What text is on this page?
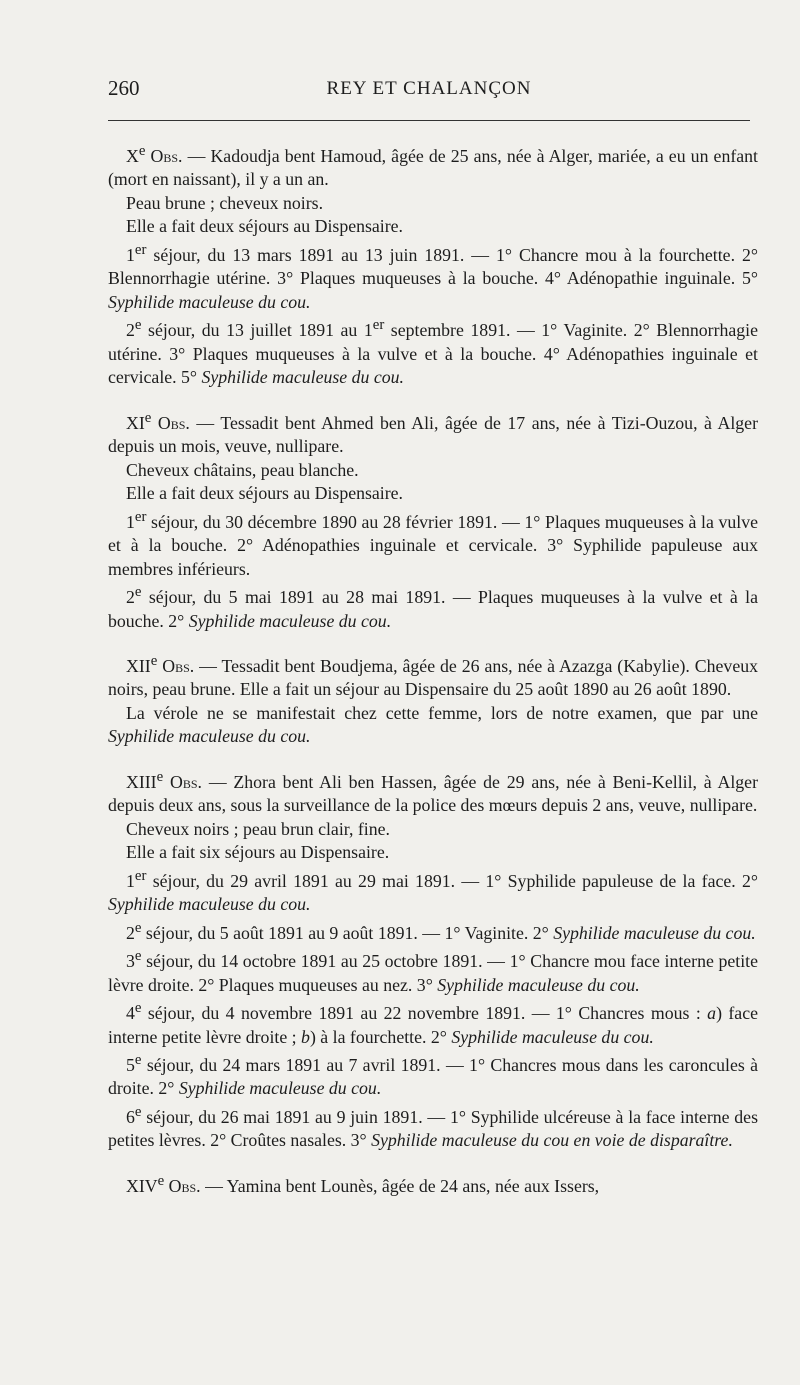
260	REY ET CHALANÇON

Xe Obs. — Kadoudja bent Hamoud, âgée de 25 ans, née à Alger, mariée, a eu un enfant (mort en naissant), il y a un an.

Peau brune ; cheveux noirs.

Elle a fait deux séjours au Dispensaire.

1er séjour, du 13 mars 1891 au 13 juin 1891. — 1° Chancre mou à la fourchette. 2° Blennorrhagie utérine. 3° Plaques muqueuses à la bouche. 4° Adénopathie inguinale. 5° Syphilide maculeuse du cou.

2e séjour, du 13 juillet 1891 au 1er septembre 1891. — 1° Vaginite. 2° Blennorrhagie utérine. 3° Plaques muqueuses à la vulve et à la bouche. 4° Adénopathies inguinale et cervicale. 5° Syphilide maculeuse du cou.

XIe Obs. — Tessadit bent Ahmed ben Ali, âgée de 17 ans, née à Tizi-Ouzou, à Alger depuis un mois, veuve, nullipare.

Cheveux châtains, peau blanche.

Elle a fait deux séjours au Dispensaire.

1er séjour, du 30 décembre 1890 au 28 février 1891. — 1° Plaques muqueuses à la vulve et à la bouche. 2° Adénopathies inguinale et cervicale. 3° Syphilide papuleuse aux membres inférieurs.

2e séjour, du 5 mai 1891 au 28 mai 1891. — Plaques muqueuses à la vulve et à la bouche. 2° Syphilide maculeuse du cou.

XIIe Obs. — Tessadit bent Boudjema, âgée de 26 ans, née à Azazga (Kabylie). Cheveux noirs, peau brune. Elle a fait un séjour au Dispensaire du 25 août 1890 au 26 août 1890.

La vérole ne se manifestait chez cette femme, lors de notre examen, que par une Syphilide maculeuse du cou.

XIIIe Obs. — Zhora bent Ali ben Hassen, âgée de 29 ans, née à Beni-Kellil, à Alger depuis deux ans, sous la surveillance de la police des mœurs depuis 2 ans, veuve, nullipare.

Cheveux noirs ; peau brun clair, fine.

Elle a fait six séjours au Dispensaire.

1er séjour, du 29 avril 1891 au 29 mai 1891. — 1° Syphilide papuleuse de la face. 2° Syphilide maculeuse du cou.

2e séjour, du 5 août 1891 au 9 août 1891. — 1° Vaginite. 2° Syphilide maculeuse du cou.

3e séjour, du 14 octobre 1891 au 25 octobre 1891. — 1° Chancre mou face interne petite lèvre droite. 2° Plaques muqueuses au nez. 3° Syphilide maculeuse du cou.

4e séjour, du 4 novembre 1891 au 22 novembre 1891. — 1° Chancres mous : a) face interne petite lèvre droite ; b) à la fourchette. 2° Syphilide maculeuse du cou.

5e séjour, du 24 mars 1891 au 7 avril 1891. — 1° Chancres mous dans les caroncules à droite. 2° Syphilide maculeuse du cou.

6e séjour, du 26 mai 1891 au 9 juin 1891. — 1° Syphilide ulcéreuse à la face interne des petites lèvres. 2° Croûtes nasales. 3° Syphilide maculeuse du cou en voie de disparaître.

XIVe Obs. — Yamina bent Lounès, âgée de 24 ans, née aux Issers,
